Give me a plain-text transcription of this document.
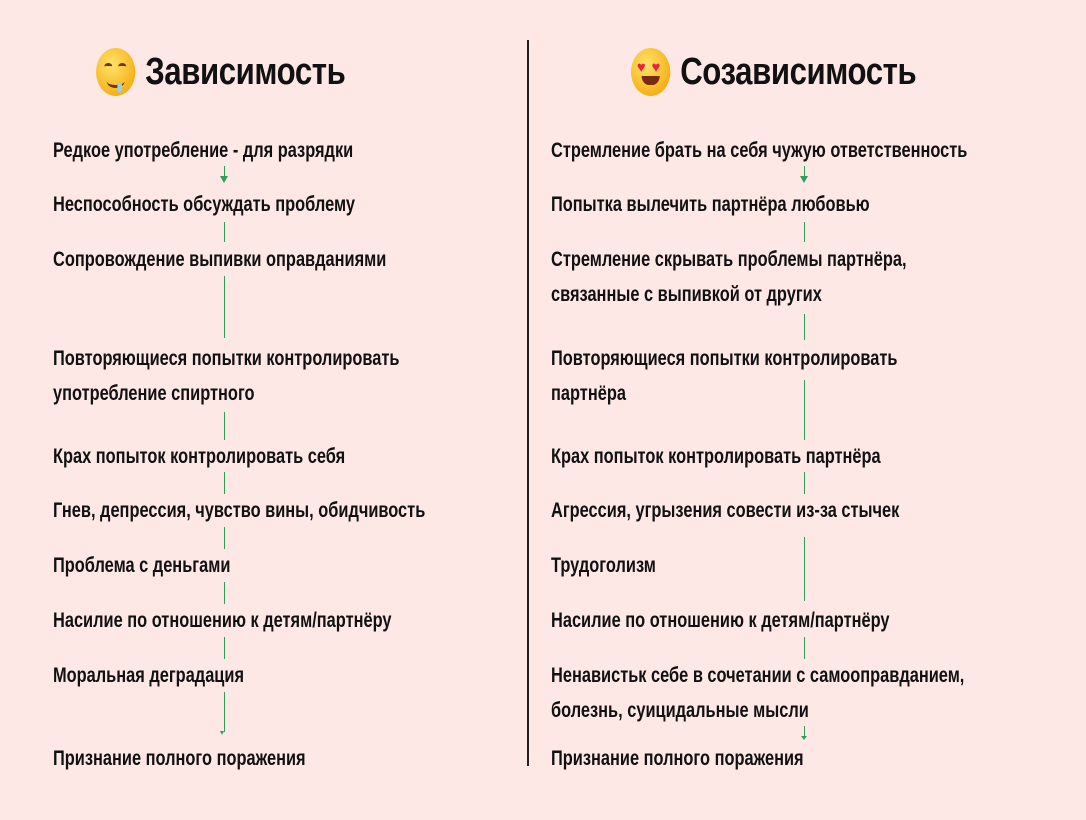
Зависимость
Редкое употребление - для разрядки
Неспособность обсуждать проблему
Сопровождение выпивки оправданиями
Повторяющиеся попытки контролировать
употребление спиртного
Крах попыток контролировать себя
Гнев, депрессия, чувство вины, обидчивость
Проблема с деньгами
Насилие по отношению к детям/партнёру
Моральная деградация
Признание полного поражения
♥ ♥ Созависимость
Стремление брать на себя чужую ответственность
Попытка вылечить партнёра любовью
Стремление скрывать проблемы партнёра,
связанные с выпивкой от других
Повторяющиеся попытки контролировать
партнёра
Крах попыток контролировать партнёра
Агрессия, угрызения совести из-за стычек
Трудоголизм
Насилие по отношению к детям/партнёру
Ненавистьк себе в сочетании с самооправданием,
болезнь, суицидальные мысли
Признание полного поражения
